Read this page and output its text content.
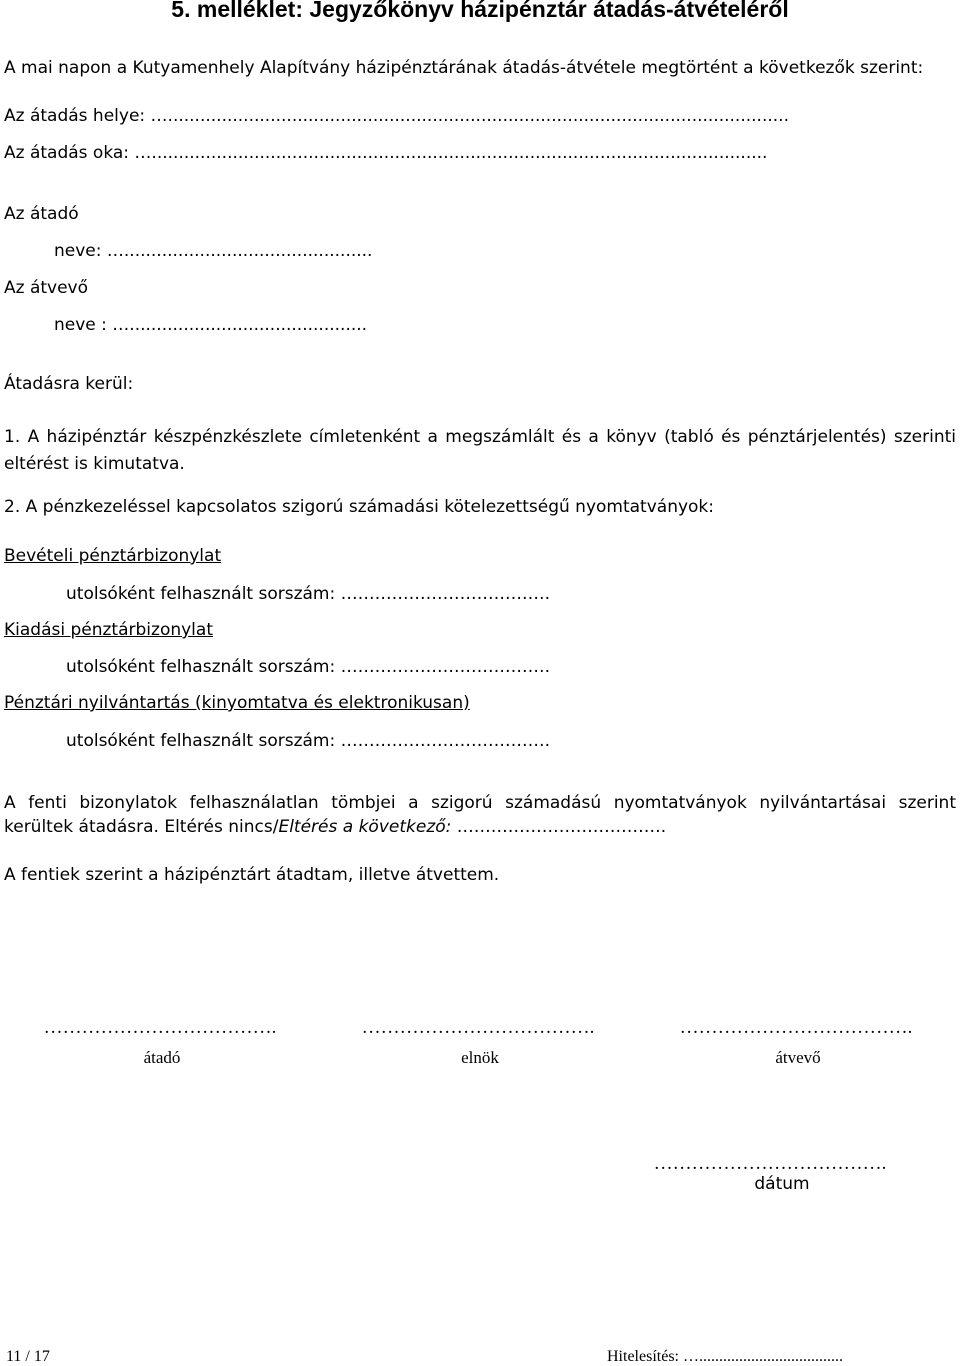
5. melléklet: Jegyzőkönyv házipénztár átadás-átvételéről
A mai napon a Kutyamenhely Alapítvány házipénztárának átadás-átvétele megtörtént a következők szerint:
Az átadás helye: …...................................................................................................................
Az átadás oka: …..................................................................................................................
Az átadó
neve: …..............................................
Az átvevő
neve : …............................................
Átadásra kerül:
1. A házipénztár készpénzkészlete címletenként a megszámlált és a könyv (tabló és pénztárjelentés) szerinti eltérést is kimutatva.
2. A pénzkezeléssel kapcsolatos szigorú számadási kötelezettségű nyomtatványok:
Bevételi pénztárbizonylat
utolsóként felhasznált sorszám: ……………………………….
Kiadási pénztárbizonylat
utolsóként felhasznált sorszám: ……………………………….
Pénztári nyilvántartás (kinyomtatva és elektronikusan)
utolsóként felhasznált sorszám: ……………………………….
A fenti bizonylatok felhasználatlan tömbjei a szigorú számadású nyomtatványok nyilvántartásai szerint kerültek átadásra. Eltérés nincs/Eltérés a következő: ……………………………….
A fentiek szerint a házipénztárt átadtam, illetve átvettem.
……………………………….	……………………………….	……………………………….
átadó	elnök	átvevő
……………………………….
dátum
11 / 17	Hitelesítés: …....................................
